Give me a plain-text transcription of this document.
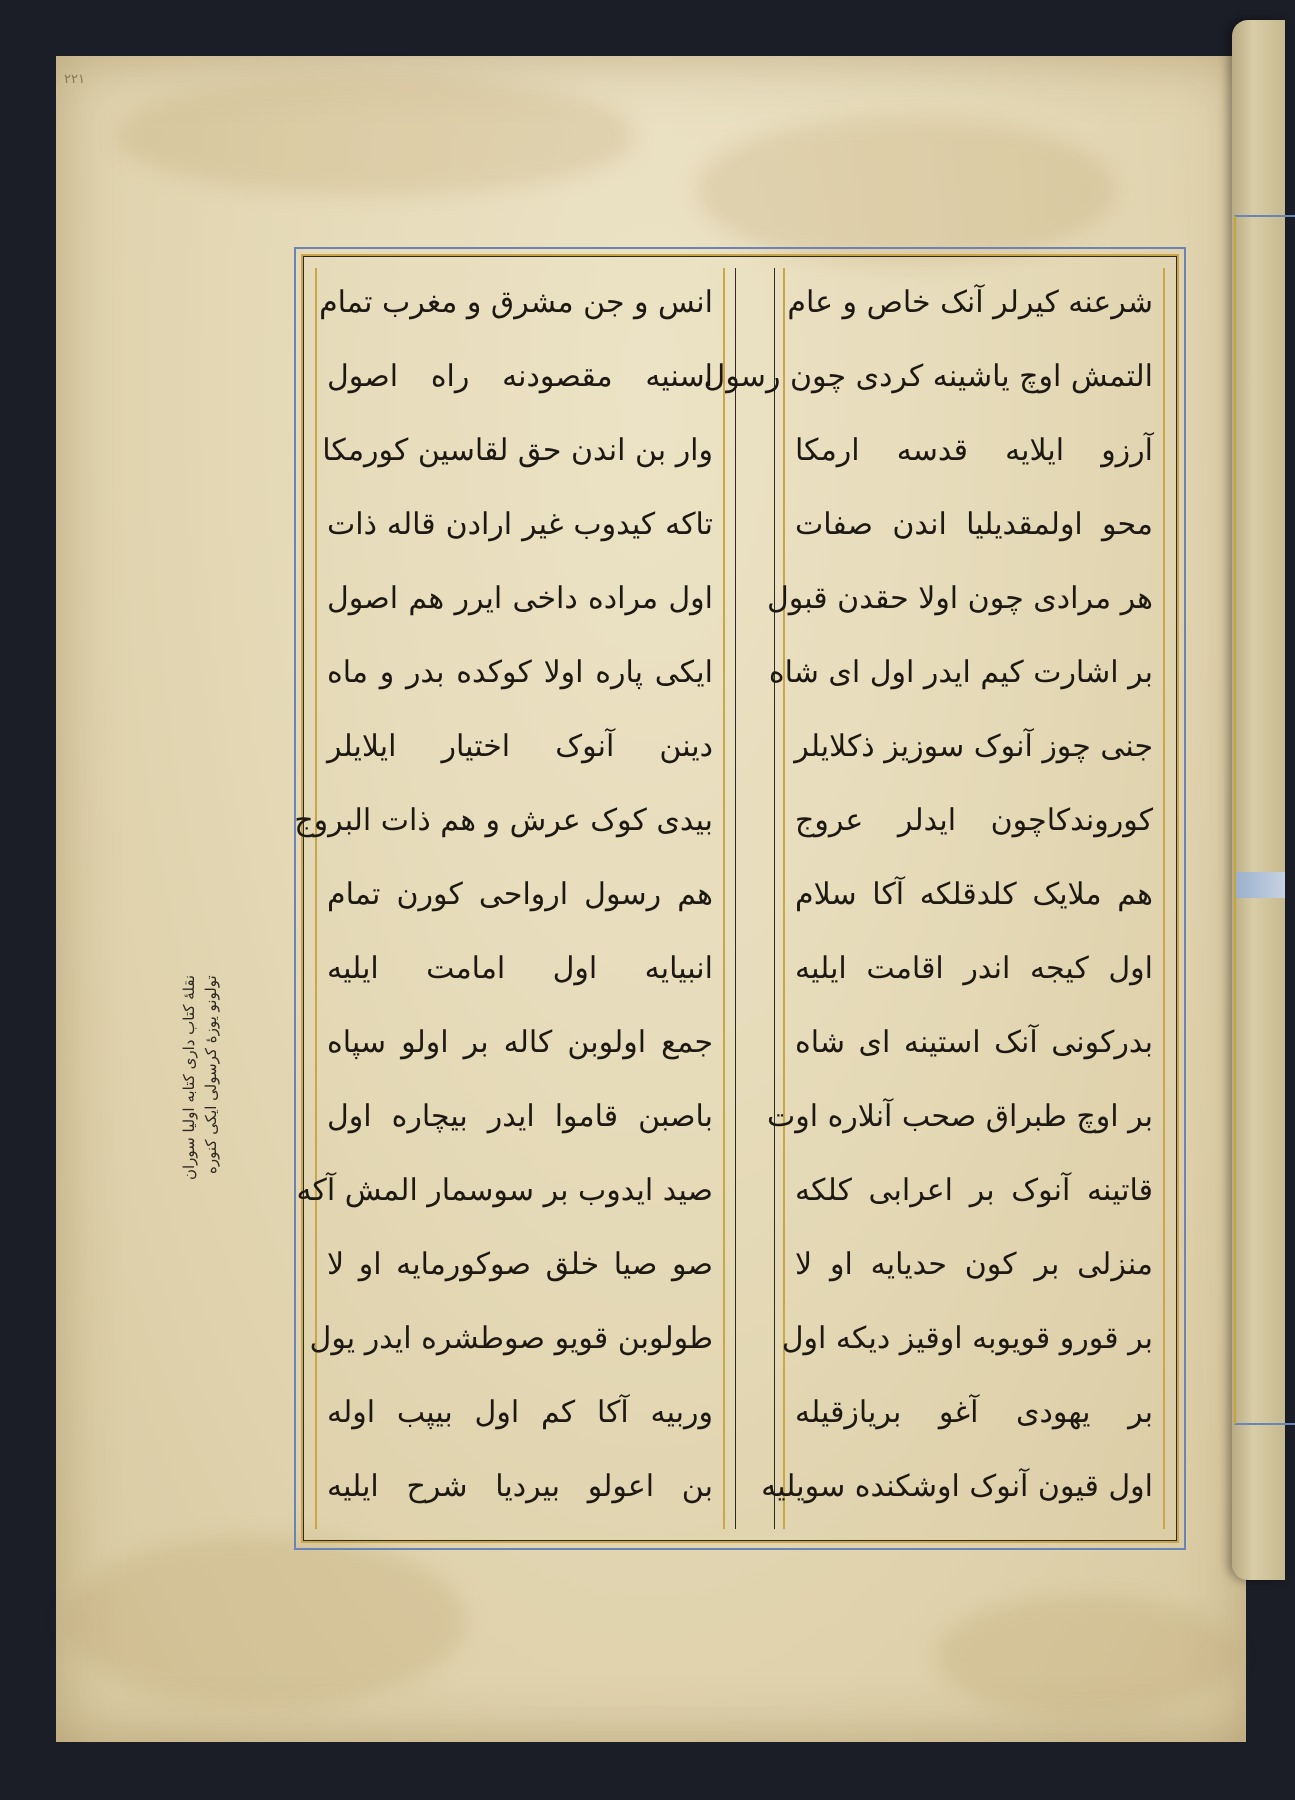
٢٢١
نقلهٔ کتاب داری کتابه اولیا سوران تولونو یوزهٔ کرسولی ایکی کنوره
شرعنه کیرلر آنک خاص و عام
التمش اوچ یاشینه کردی چون رسول
آرزو ایلایه قدسه ارمکا
محو اولمقدیلیا اندن صفات
هر مرادی چون اولا حقدن قبول
بر اشارت کیم ایدر اول ای شاه
جنی چوز آنوک سوزیز ذکلایلر
کوروندکاچون ایدلر عروج
هم ملایک کلدقلکه آکا سلام
اول کیجه اندر اقامت ایلیه
بدرکونی آنک استینه ای شاه
بر اوچ طبراق صحب آنلاره اوت
قاتینه آنوک بر اعرابی کلکه
منزلی بر کون حدیایه او لا
بر قورو قویوبه اوقیز دیکه اول
بر یهودی آغو بریازقیله
اول قیون آنوک اوشکنده سویلیه
انس و جن مشرق و مغرب تمام
اسنیه مقصودنه راه اصول
وار بن اندن حق لقاسین کورمکا
تاکه کیدوب غیر ارادن قاله ذات
اول مراده داخی ایرر هم اصول
ایکی پاره اولا کوکده بدر و ماه
دینن آنوک اختیار ایلایلر
بیدی کوک عرش و هم ذات البروج
هم رسول ارواحی کورن تمام
انبیایه اول امامت ایلیه
جمع اولوبن کاله بر اولو سپاه
باصبن قاموا ایدر بیچاره اول
صید ایدوب بر سوسمار المش آکه
صو صیا خلق صوکورمایه او لا
طولوبن قویو صوطشره ایدر یول
وربیه آکا کم اول بیپب اوله
بن اعولو بیردیا شرح ایلیه
